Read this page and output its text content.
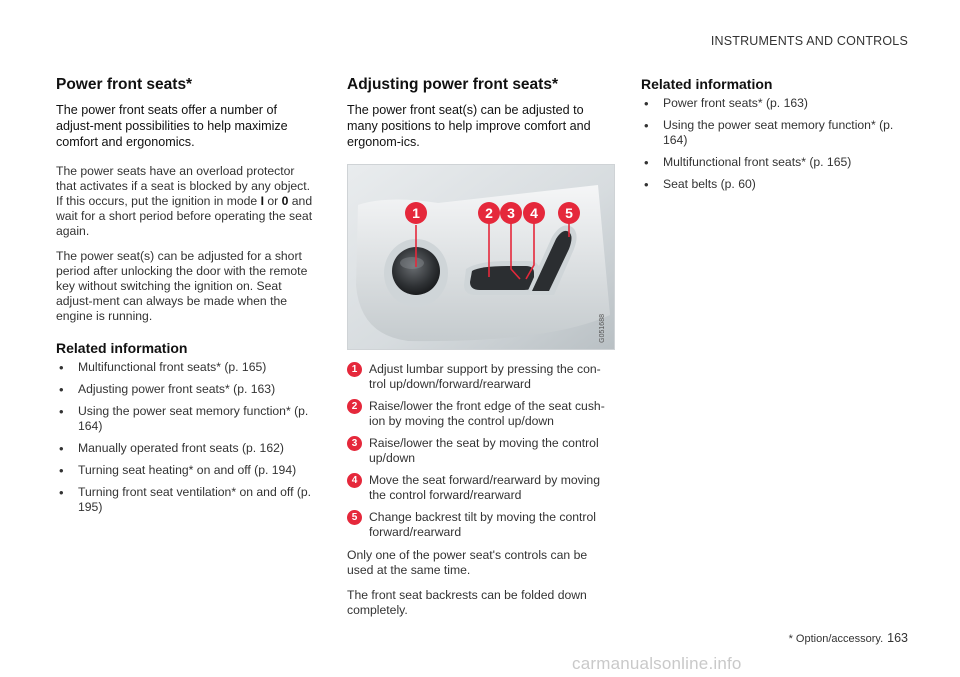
INSTRUMENTS AND CONTROLS
Power front seats*

The power front seats offer a number of adjust-ment possibilities to help maximize comfort and ergonomics.

The power seats have an overload protector that activates if a seat is blocked by any object. If this occurs, put the ignition in mode I or 0 and wait for a short period before operating the seat again.

The power seat(s) can be adjusted for a short period after unlocking the door with the remote key without switching the ignition on. Seat adjust-ment can always be made when the engine is running.

Related information
• Multifunctional front seats* (p. 165)
• Adjusting power front seats* (p. 163)
• Using the power seat memory function* (p. 164)
• Manually operated front seats (p. 162)
• Turning seat heating* on and off (p. 194)
• Turning front seat ventilation* on and off (p. 195)
Adjusting power front seats*

The power front seat(s) can be adjusted to many positions to help improve comfort and ergonom-ics.

1	2 3 4 5
G051688
1 Adjust lumbar support by pressing the con-trol up/down/forward/rearward
2 Raise/lower the front edge of the seat cush-ion by moving the control up/down
3 Raise/lower the seat by moving the control up/down
4 Move the seat forward/rearward by moving the control forward/rearward
5 Change backrest tilt by moving the control forward/rearward

Only one of the power seat's controls can be used at the same time.

The front seat backrests can be folded down completely.

Related information
• Power front seats* (p. 163)
• Using the power seat memory function* (p. 164)
• Multifunctional front seats* (p. 165)
• Seat belts (p. 60)
* Option/accessory. 163
carmanualsonline.info
